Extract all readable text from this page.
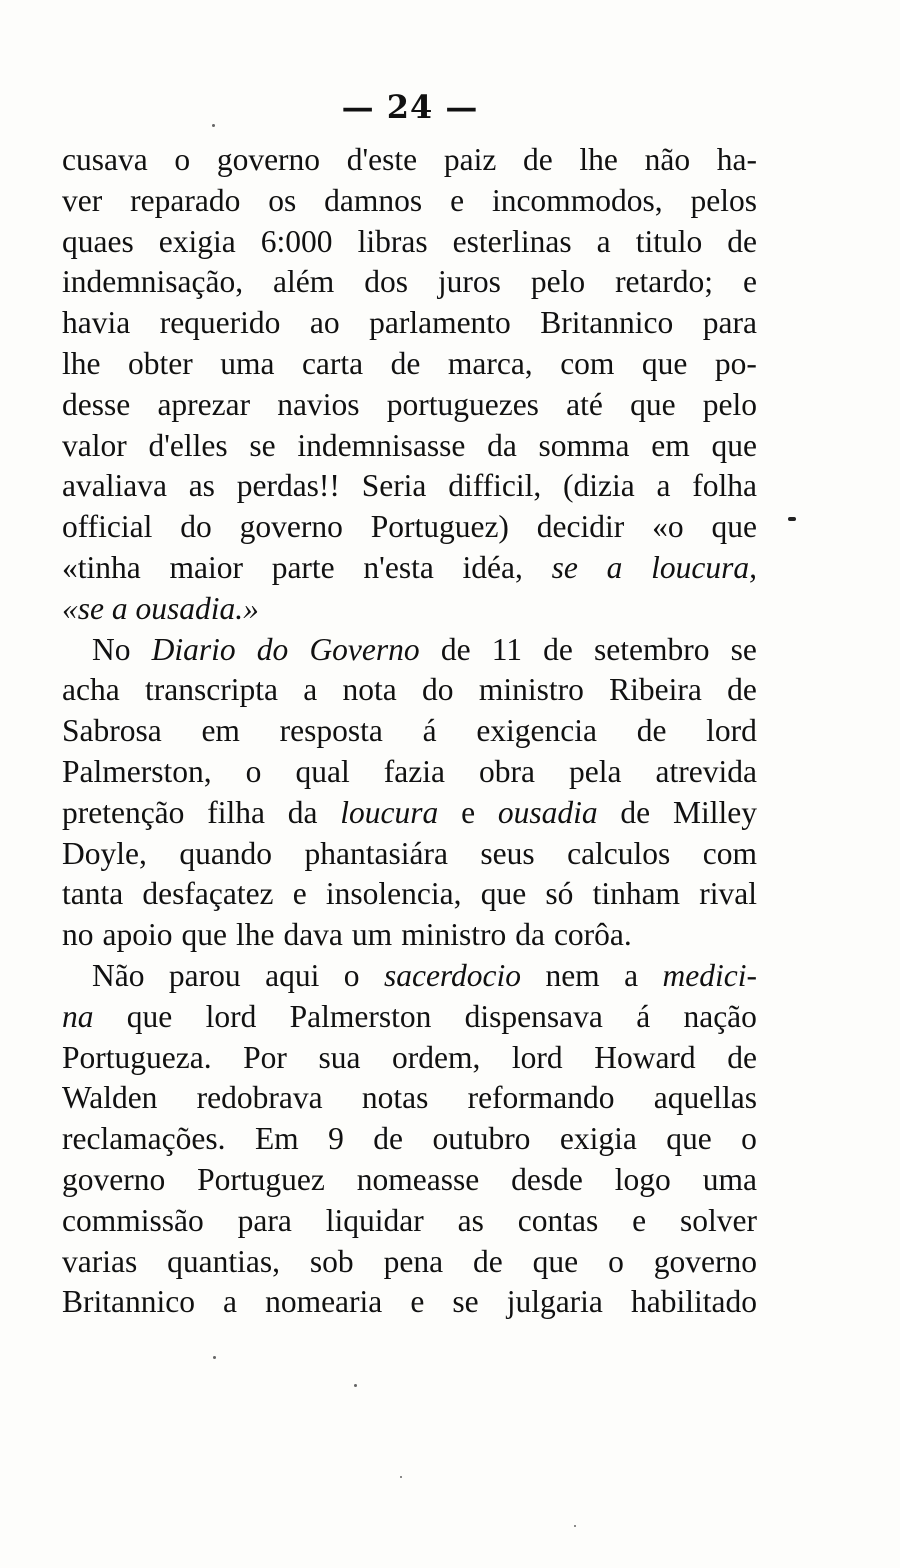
— 24 —
cusava o governo d'este paiz de lhe não ha-
ver reparado os damnos e incommodos, pelos
quaes exigia 6:000 libras esterlinas a titulo de
indemnisação, além dos juros pelo retardo; e
havia requerido ao parlamento Britannico para
lhe obter uma carta de marca, com que po-
desse aprezar navios portuguezes até que pelo
valor d'elles se indemnisasse da somma em que
avaliava as perdas!! Seria difficil, (dizia a folha
official do governo Portuguez) decidir «o que
«tinha maior parte n'esta idéa, se a loucura,
«se a ousadia.»
No Diario do Governo de 11 de setembro se
acha transcripta a nota do ministro Ribeira de
Sabrosa em resposta á exigencia de lord
Palmerston, o qual fazia obra pela atrevida
pretenção filha da loucura e ousadia de Milley
Doyle, quando phantasiára seus calculos com
tanta desfaçatez e insolencia, que só tinham rival
no apoio que lhe dava um ministro da corôa.
Não parou aqui o sacerdocio nem a medici-
na que lord Palmerston dispensava á nação
Portugueza. Por sua ordem, lord Howard de
Walden redobrava notas reformando aquellas
reclamações. Em 9 de outubro exigia que o
governo Portuguez nomeasse desde logo uma
commissão para liquidar as contas e solver
varias quantias, sob pena de que o governo
Britannico a nomearia e se julgaria habilitado
